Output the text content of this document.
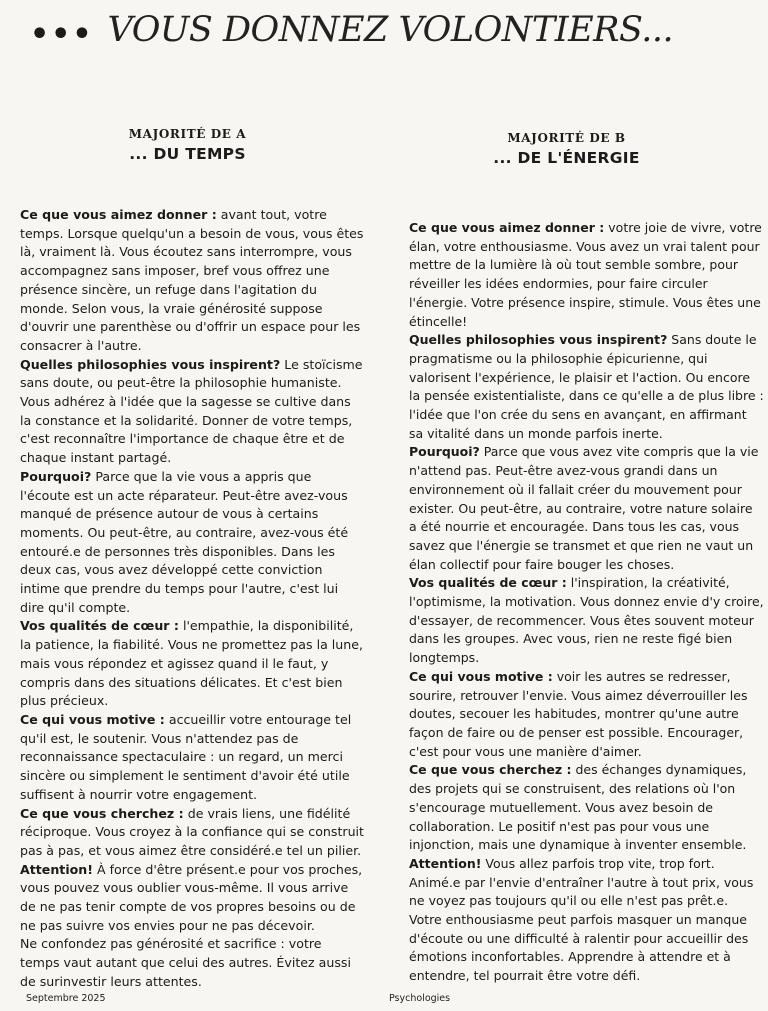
••• VOUS DONNEZ VOLONTIERS...
MAJORITÉ DE A
... DU TEMPS

Ce que vous aimez donner : avant tout, votre temps. Lorsque quelqu'un a besoin de vous, vous êtes là, vraiment là. Vous écoutez sans interrompre, vous accompagnez sans imposer, bref vous offrez une présence sincère, un refuge dans l'agitation du monde. Selon vous, la vraie générosité suppose d'ouvrir une parenthèse ou d'offrir un espace pour les consacrer à l'autre.

Quelles philosophies vous inspirent? Le stoïcisme sans doute, ou peut-être la philosophie humaniste. Vous adhérez à l'idée que la sagesse se cultive dans la constance et la solidarité. Donner de votre temps, c'est reconnaître l'importance de chaque être et de chaque instant partagé.

Pourquoi? Parce que la vie vous a appris que l'écoute est un acte réparateur. Peut-être avez-vous manqué de présence autour de vous à certains moments. Ou peut-être, au contraire, avez-vous été entouré.e de personnes très disponibles. Dans les deux cas, vous avez développé cette conviction intime que prendre du temps pour l'autre, c'est lui dire qu'il compte.

Vos qualités de cœur : l'empathie, la disponibilité, la patience, la fiabilité. Vous ne promettez pas la lune, mais vous répondez et agissez quand il le faut, y compris dans des situations délicates. Et c'est bien plus précieux.

Ce qui vous motive : accueillir votre entourage tel qu'il est, le soutenir. Vous n'attendez pas de reconnaissance spectaculaire : un regard, un merci sincère ou simplement le sentiment d'avoir été utile suffisent à nourrir votre engagement.

Ce que vous cherchez : de vrais liens, une fidélité réciproque. Vous croyez à la confiance qui se construit pas à pas, et vous aimez être considéré.e tel un pilier.

Attention! À force d'être présent.e pour vos proches, vous pouvez vous oublier vous-même. Il vous arrive de ne pas tenir compte de vos propres besoins ou de ne pas suivre vos envies pour ne pas décevoir.

Ne confondez pas générosité et sacrifice : votre temps vaut autant que celui des autres. Évitez aussi de surinvestir leurs attentes.

MAJORITÉ DE B
... DE L'ÉNERGIE

Ce que vous aimez donner : votre joie de vivre, votre élan, votre enthousiasme. Vous avez un vrai talent pour mettre de la lumière là où tout semble sombre, pour réveiller les idées endormies, pour faire circuler l'énergie. Votre présence inspire, stimule. Vous êtes une étincelle!

Quelles philosophies vous inspirent? Sans doute le pragmatisme ou la philosophie épicurienne, qui valorisent l'expérience, le plaisir et l'action. Ou encore la pensée existentialiste, dans ce qu'elle a de plus libre : l'idée que l'on crée du sens en avançant, en affirmant sa vitalité dans un monde parfois inerte.

Pourquoi? Parce que vous avez vite compris que la vie n'attend pas. Peut-être avez-vous grandi dans un environnement où il fallait créer du mouvement pour exister. Ou peut-être, au contraire, votre nature solaire a été nourrie et encouragée. Dans tous les cas, vous savez que l'énergie se transmet et que rien ne vaut un élan collectif pour faire bouger les choses.

Vos qualités de cœur : l'inspiration, la créativité, l'optimisme, la motivation. Vous donnez envie d'y croire, d'essayer, de recommencer. Vous êtes souvent moteur dans les groupes. Avec vous, rien ne reste figé bien longtemps.

Ce qui vous motive : voir les autres se redresser, sourire, retrouver l'envie. Vous aimez déverrouiller les doutes, secouer les habitudes, montrer qu'une autre façon de faire ou de penser est possible. Encourager, c'est pour vous une manière d'aimer.

Ce que vous cherchez : des échanges dynamiques, des projets qui se construisent, des relations où l'on s'encourage mutuellement. Vous avez besoin de collaboration. Le positif n'est pas pour vous une injonction, mais une dynamique à inventer ensemble.

Attention! Vous allez parfois trop vite, trop fort. Animé.e par l'envie d'entraîner l'autre à tout prix, vous ne voyez pas toujours qu'il ou elle n'est pas prêt.e. Votre enthousiasme peut parfois masquer un manque d'écoute ou une difficulté à ralentir pour accueillir des émotions inconfortables. Apprendre à attendre et à entendre, tel pourrait être votre défi.

Septembre 2025	Psychologies
